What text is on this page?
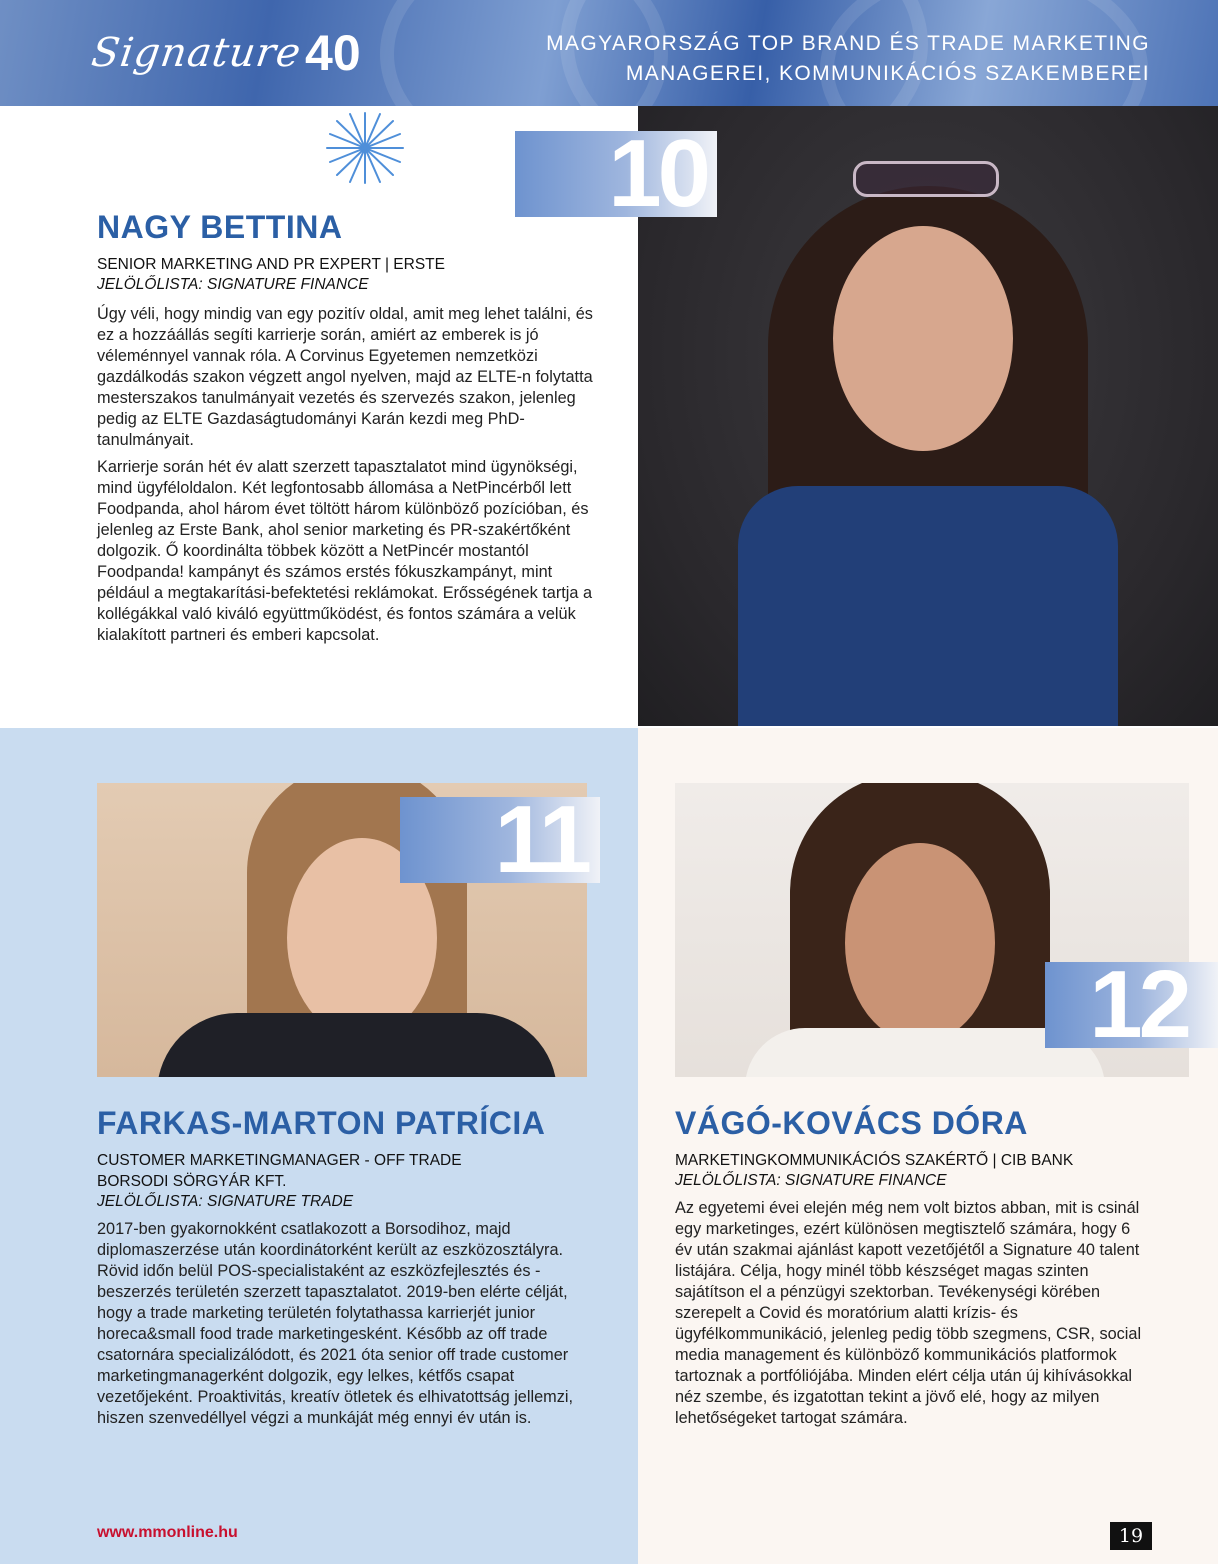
Signature 40	MAGYARORSZÁG TOP BRAND ÉS TRADE MARKETING
MANAGEREI, KOMMUNIKÁCIÓS SZAKEMBEREI
10
NAGY BETTINA
SENIOR MARKETING AND PR EXPERT | ERSTE
JELÖLŐLISTA: SIGNATURE FINANCE

Úgy véli, hogy mindig van egy pozitív oldal, amit meg lehet találni, és ez a hozzáállás segíti karrierje során, amiért az emberek is jó véleménnyel vannak róla. A Corvinus Egyetemen nemzetközi gazdálkodás szakon végzett angol nyelven, majd az ELTE-n folytatta mesterszakos tanulmányait vezetés és szervezés szakon, jelenleg pedig az ELTE Gazdaságtudományi Karán kezdi meg PhD-tanulmányait.

Karrierje során hét év alatt szerzett tapasztalatot mind ügynökségi, mind ügyféloldalon. Két legfontosabb állomása a NetPincérből lett Foodpanda, ahol három évet töltött három különböző pozícióban, és jelenleg az Erste Bank, ahol senior marketing és PR-szakértőként dolgozik. Ő koordinálta többek között a NetPincér mostantól Foodpanda! kampányt és számos erstés fókuszkampányt, mint például a megtakarítási-befektetési reklámokat. Erősségének tartja a kollégákkal való kiváló együttműködést, és fontos számára a velük kialakított partneri és emberi kapcsolat.

11
FARKAS-MARTON PATRÍCIA
CUSTOMER MARKETINGMANAGER - OFF TRADE
BORSODI SÖRGYÁR KFT.
JELÖLŐLISTA: SIGNATURE TRADE

2017-ben gyakornokként csatlakozott a Borsodihoz, majd diplomaszerzése után koordinátorként került az eszközosztályra. Rövid időn belül POS-specialistaként az eszközfejlesztés és -beszerzés területén szerzett tapasztalatot. 2019-ben elérte célját, hogy a trade marketing területén folytathassa karrierjét junior horeca&small food trade marketingesként. Később az off trade csatornára specializálódott, és 2021 óta senior off trade customer marketingmanagerként dolgozik, egy lelkes, kétfős csapat vezetőjeként. Proaktivitás, kreatív ötletek és elhivatottság jellemzi, hiszen szenvedéllyel végzi a munkáját még ennyi év után is.

12
VÁGÓ-KOVÁCS DÓRA
MARKETINGKOMMUNIKÁCIÓS SZAKÉRTŐ | CIB BANK
JELÖLŐLISTA: SIGNATURE FINANCE

Az egyetemi évei elején még nem volt biztos abban, mit is csinál egy marketinges, ezért különösen megtisztelő számára, hogy 6 év után szakmai ajánlást kapott vezetőjétől a Signature 40 talent listájára. Célja, hogy minél több készséget magas szinten sajátítson el a pénzügyi szektorban. Tevékenységi körében szerepelt a Covid és moratórium alatti krízis- és ügyfélkommunikáció, jelenleg pedig több szegmens, CSR, social media management és különböző kommunikációs platformok tartoznak a portfóliójába. Minden elért célja után új kihívásokkal néz szembe, és izgatottan tekint a jövő elé, hogy az milyen lehetőségeket tartogat számára.

www.mmonline.hu	19
